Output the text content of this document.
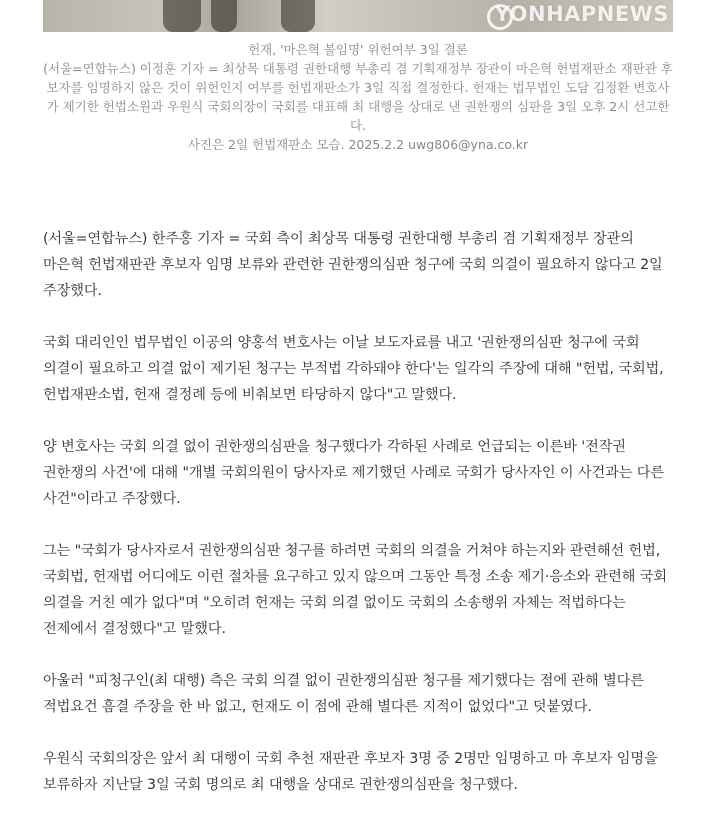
YONHAPNEWS

헌재, '마은혁 불임명' 위헌여부 3일 결론

(서울=연합뉴스) 이정훈 기자 = 최상목 대통령 권한대행 부총리 겸 기획재정부 장관이 마은혁 헌법재판소 재판관 후보자를 임명하지 않은 것이 위헌인지 여부를 헌법재판소가 3일 직접 결정한다. 헌재는 법무법인 도담 김정환 변호사가 제기한 헌법소원과 우원식 국회의장이 국회를 대표해 최 대행을 상대로 낸 권한쟁의 심판을 3일 오후 2시 선고한다.

사진은 2일 헌법재판소 모습. 2025.2.2 uwg806@yna.co.kr

(서울=연합뉴스) 한주홍 기자 = 국회 측이 최상목 대통령 권한대행 부총리 겸 기획재정부 장관의 마은혁 헌법재판관 후보자 임명 보류와 관련한 권한쟁의심판 청구에 국회 의결이 필요하지 않다고 2일 주장했다.

국회 대리인인 법무법인 이공의 양홍석 변호사는 이날 보도자료를 내고 '권한쟁의심판 청구에 국회 의결이 필요하고 의결 없이 제기된 청구는 부적법 각하돼야 한다'는 일각의 주장에 대해 "헌법, 국회법, 헌법재판소법, 헌재 결정례 등에 비춰보면 타당하지 않다"고 말했다.

양 변호사는 국회 의결 없이 권한쟁의심판을 청구했다가 각하된 사례로 언급되는 이른바 '전작권 권한쟁의 사건'에 대해 "개별 국회의원이 당사자로 제기했던 사례로 국회가 당사자인 이 사건과는 다른 사건"이라고 주장했다.

그는 "국회가 당사자로서 권한쟁의심판 청구를 하려면 국회의 의결을 거쳐야 하는지와 관련해선 헌법, 국회법, 헌재법 어디에도 이런 절차를 요구하고 있지 않으며 그동안 특정 소송 제기·응소와 관련해 국회 의결을 거친 예가 없다"며 "오히려 헌재는 국회 의결 없이도 국회의 소송행위 자체는 적법하다는 전제에서 결정했다"고 말했다.

아울러 "피청구인(최 대행) 측은 국회 의결 없이 권한쟁의심판 청구를 제기했다는 점에 관해 별다른 적법요건 흠결 주장을 한 바 없고, 헌재도 이 점에 관해 별다른 지적이 없었다"고 덧붙였다.

우원식 국회의장은 앞서 최 대행이 국회 추천 재판관 후보자 3명 중 2명만 임명하고 마 후보자 임명을 보류하자 지난달 3일 국회 명의로 최 대행을 상대로 권한쟁의심판을 청구했다.
